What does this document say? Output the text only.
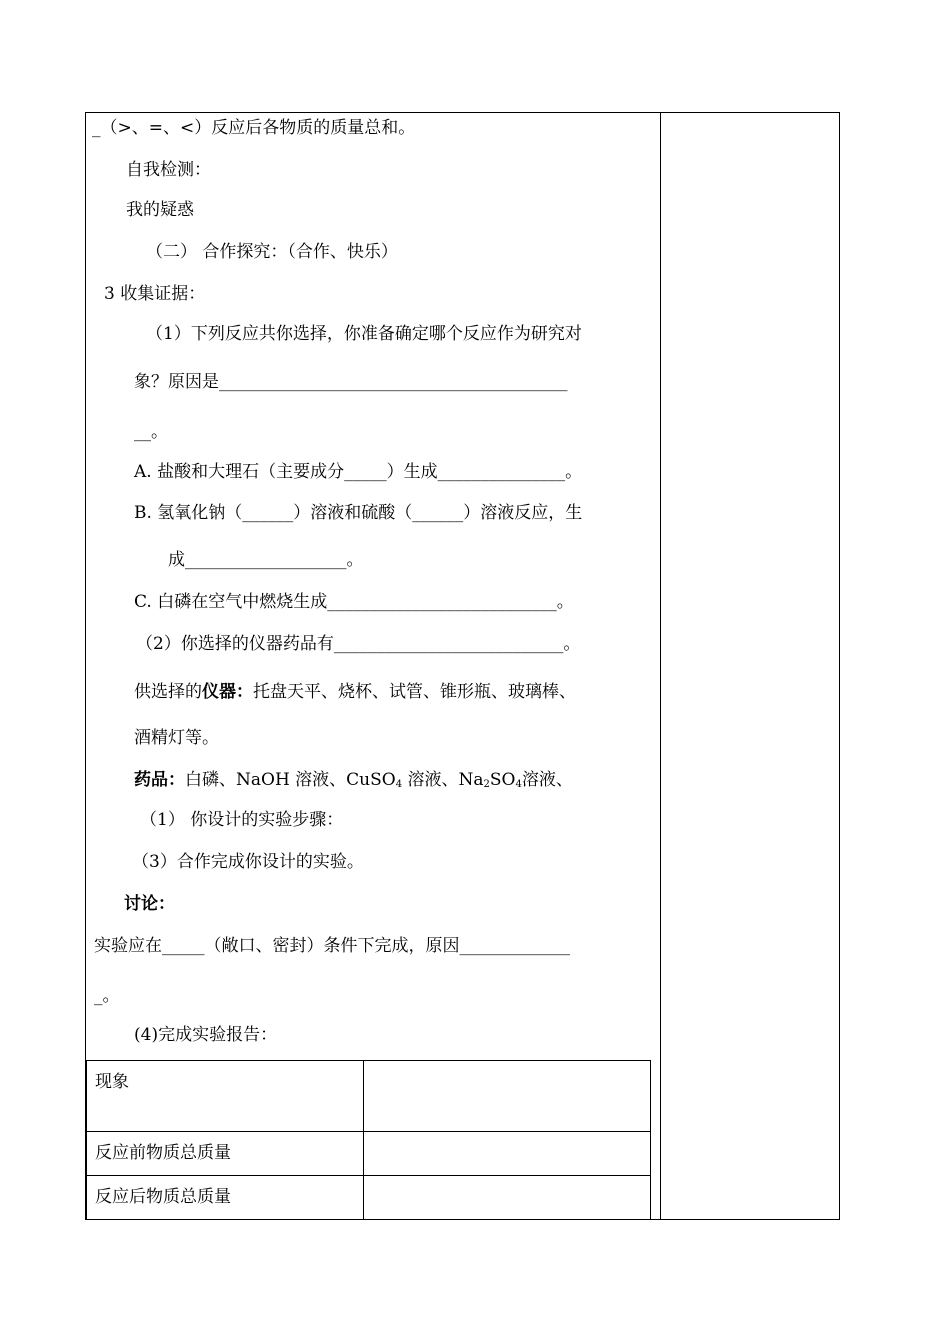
_（>、=、<）反应后各物质的质量总和。
自我检测：
我的疑惑
（二） 合作探究：（合作、快乐）
3 收集证据：
（1）下列反应共你选择，你准备确定哪个反应作为研究对
象？原因是_________________________________________
__。
A. 盐酸和大理石（主要成分_____）生成_______________。
B. 氢氧化钠（______）溶液和硫酸（______）溶液反应，生
成___________________。
C. 白磷在空气中燃烧生成___________________________。
（2）你选择的仪器药品有___________________________。
供选择的仪器：托盘天平、烧杯、试管、锥形瓶、玻璃棒、
酒精灯等。
药品：白磷、NaOH 溶液、CuSO$_4$ 溶液、$Na_2SO_4$溶液、
（1） 你设计的实验步骤：
（3）合作完成你设计的实验。
讨论：
实验应在_____（敞口、密封）条件下完成，原因_____________
_。
(4)完成实验报告：
现象	
反应前物质总质量	
反应后物质总质量	
